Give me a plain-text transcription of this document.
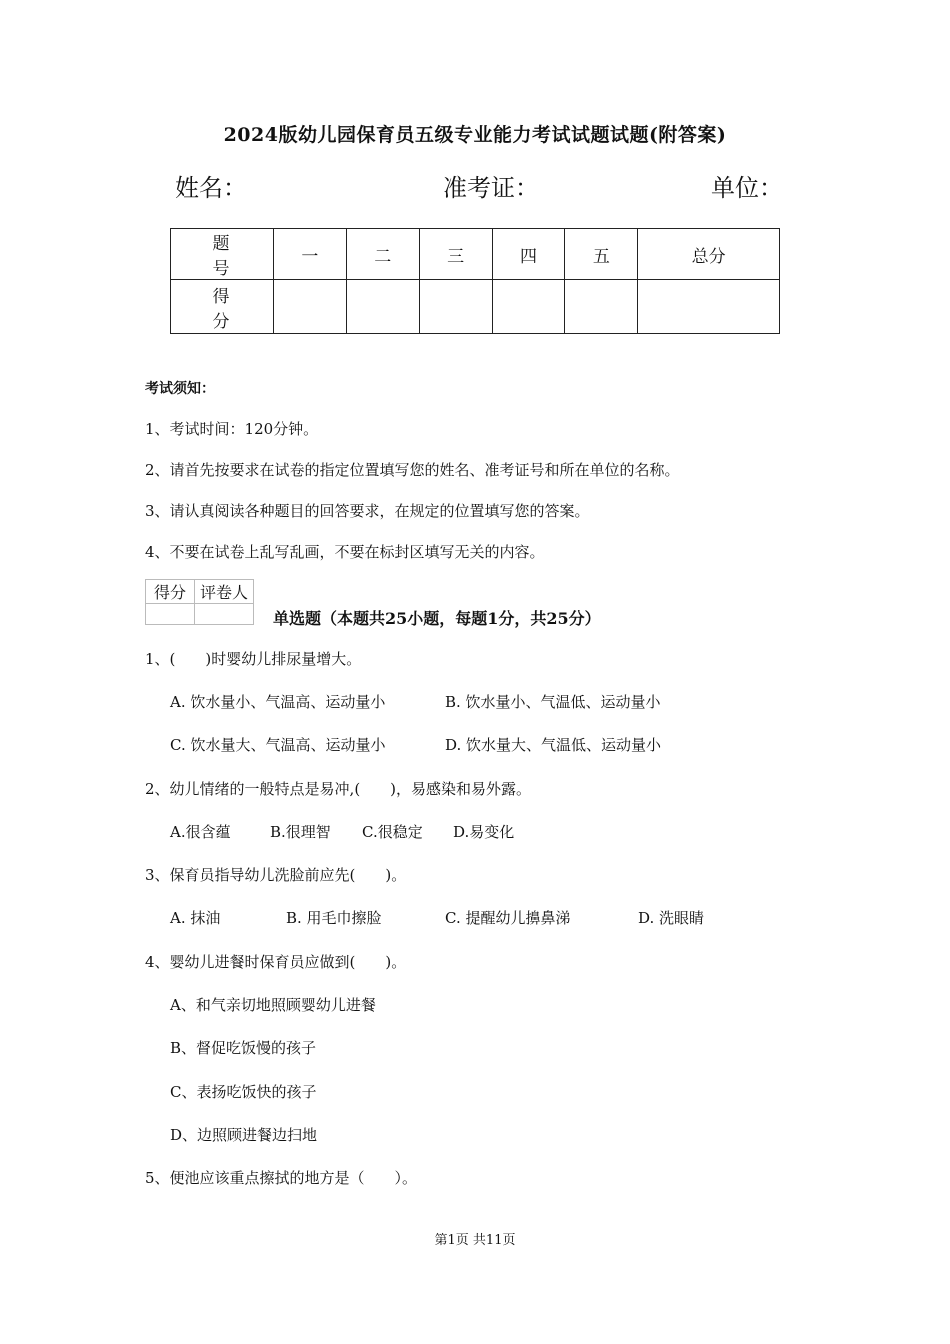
2024版幼儿园保育员五级专业能力考试试题试题(附答案)
姓名：	准考证：	单位：
题　号	一	二	三	四	五	总分
得　分						
考试须知：
1、考试时间：120分钟。
2、请首先按要求在试卷的指定位置填写您的姓名、准考证号和所在单位的名称。
3、请认真阅读各种题目的回答要求，在规定的位置填写您的答案。
4、不要在试卷上乱写乱画，不要在标封区填写无关的内容。
得分	评卷人

单选题（本题共25小题，每题1分，共25分）
1、(　　)时婴幼儿排尿量增大。
A. 饮水量小、气温高、运动量小	B. 饮水量小、气温低、运动量小
C. 饮水量大、气温高、运动量小	D. 饮水量大、气温低、运动量小
2、幼儿情绪的一般特点是易冲,(　　)，易感染和易外露。
A.很含蕴	B.很理智 C.很稳定 D.易变化
3、保育员指导幼儿洗脸前应先(　　)。
A. 抹油	B. 用毛巾擦脸	C. 提醒幼儿擤鼻涕	D. 洗眼睛
4、婴幼儿进餐时保育员应做到(　　)。
A、和气亲切地照顾婴幼儿进餐
B、督促吃饭慢的孩子
C、表扬吃饭快的孩子
D、边照顾进餐边扫地
5、便池应该重点擦拭的地方是（　　）。
第1页 共11页
